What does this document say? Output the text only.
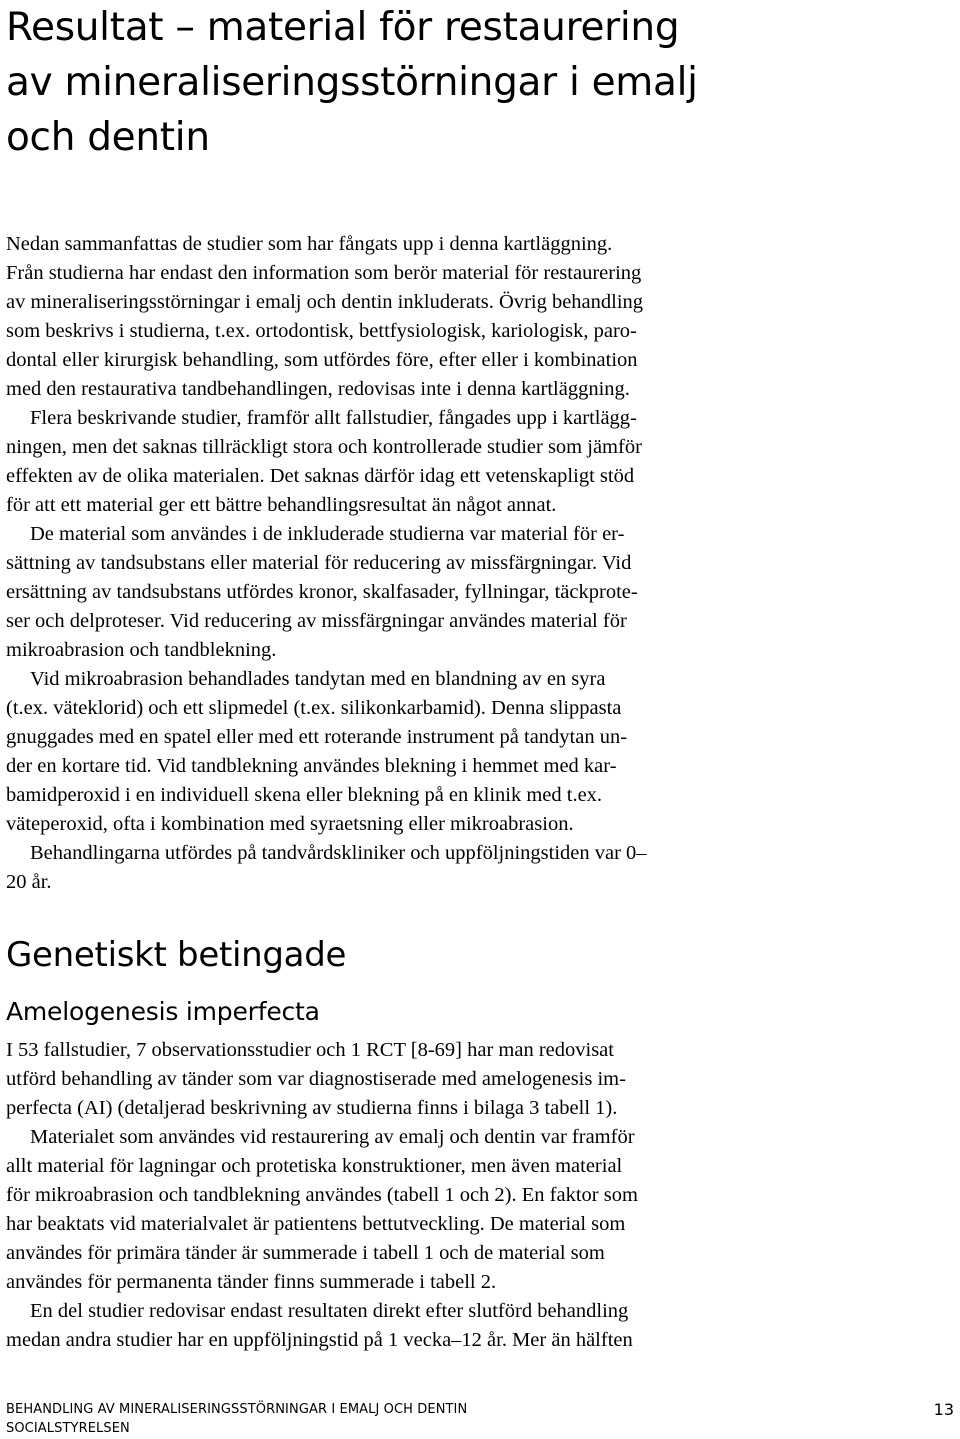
Resultat – material för restaurering
av mineraliseringsstörningar i emalj
och dentin

Nedan sammanfattas de studier som har fångats upp i denna kartläggning.

Från studierna har endast den information som berör material för restaurering

av mineraliseringsstörningar i emalj och dentin inkluderats. Övrig behandling

som beskrivs i studierna, t.ex. ortodontisk, bettfysiologisk, kariologisk, paro-

dontal eller kirurgisk behandling, som utfördes före, efter eller i kombination

med den restaurativa tandbehandlingen, redovisas inte i denna kartläggning.

Flera beskrivande studier, framför allt fallstudier, fångades upp i kartlägg-

ningen, men det saknas tillräckligt stora och kontrollerade studier som jämför

effekten av de olika materialen. Det saknas därför idag ett vetenskapligt stöd

för att ett material ger ett bättre behandlingsresultat än något annat.

De material som användes i de inkluderade studierna var material för er-

sättning av tandsubstans eller material för reducering av missfärgningar. Vid

ersättning av tandsubstans utfördes kronor, skalfasader, fyllningar, täckprote-

ser och delproteser. Vid reducering av missfärgningar användes material för

mikroabrasion och tandblekning.

Vid mikroabrasion behandlades tandytan med en blandning av en syra

(t.ex. väteklorid) och ett slipmedel (t.ex. silikonkarbamid). Denna slippasta

gnuggades med en spatel eller med ett roterande instrument på tandytan un-

der en kortare tid. Vid tandblekning användes blekning i hemmet med kar-

bamidperoxid i en individuell skena eller blekning på en klinik med t.ex.

väteperoxid, ofta i kombination med syraetsning eller mikroabrasion.

Behandlingarna utfördes på tandvårdskliniker och uppföljningstiden var 0–

20 år.

Genetiskt betingade
Amelogenesis imperfecta

I 53 fallstudier, 7 observationsstudier och 1 RCT [8-69] har man redovisat

utförd behandling av tänder som var diagnostiserade med amelogenesis im-

perfecta (AI) (detaljerad beskrivning av studierna finns i bilaga 3 tabell 1).

Materialet som användes vid restaurering av emalj och dentin var framför

allt material för lagningar och protetiska konstruktioner, men även material

för mikroabrasion och tandblekning användes (tabell 1 och 2). En faktor som

har beaktats vid materialvalet är patientens bettutveckling. De material som

användes för primära tänder är summerade i tabell 1 och de material som

användes för permanenta tänder finns summerade i tabell 2.

En del studier redovisar endast resultaten direkt efter slutförd behandling

medan andra studier har en uppföljningstid på 1 vecka–12 år. Mer än hälften

BEHANDLING AV MINERALISERINGSSTÖRNINGAR I EMALJ OCH DENTIN
SOCIALSTYRELSEN
13
